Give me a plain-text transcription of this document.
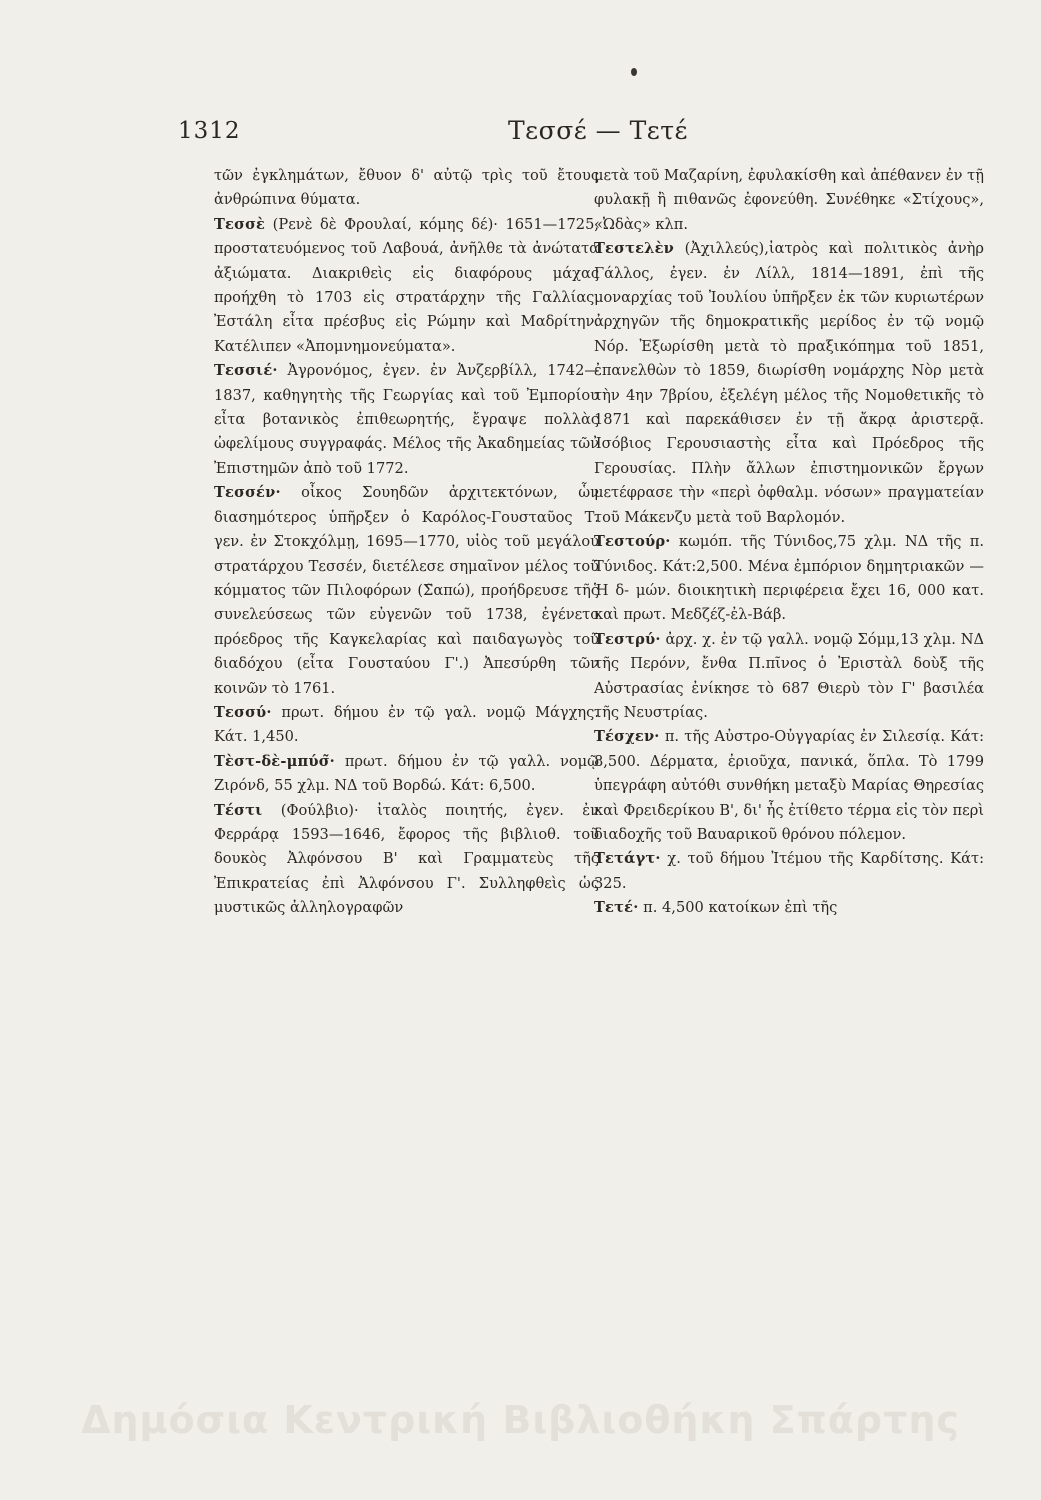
1312	Τεσσέ — Τετέ

τῶν ἐγκλημάτων, ἔθυον δ' αὐτῷ τρὶς τοῦ ἔτους ἀνθρώπινα θύματα.

Τεσσὲ (Ρενὲ δὲ Φρουλαί, κόμης δέ)· 1651—1725, προστατευόμενος τοῦ Λαβουά, ἀνῆλθε τὰ ἀνώτατα ἀξιώματα. Διακριθεὶς εἰς διαφόρους μάχας προήχθη τὸ 1703 εἰς στρατάρχην τῆς Γαλλίας. Ἐστάλη εἶτα πρέσβυς εἰς Ρώμην καὶ Μαδρίτην. Κατέλιπεν «Ἀπομνημονεύματα».

Τεσσιέ· Ἀγρονόμος, ἐγεν. ἐν Ἀνζερβίλλ, 1742—1837, καθηγητὴς τῆς Γεωργίας καὶ τοῦ Ἐμπορίου εἶτα βοτανικὸς ἐπιθεωρητής, ἔγραψε πολλὰς ὠφελίμους συγγραφάς. Μέλος τῆς Ἀκαδημείας τῶν Ἐπιστημῶν ἀπὸ τοῦ 1772.

Τεσσέν· οἶκος Σουηδῶν ἀρχιτεκτόνων, ὧν διασημότερος ὑπῆρξεν ὁ Καρόλος-Γουσταῦος Τ. γεν. ἐν Στοκχόλμῃ, 1695—1770, υἱὸς τοῦ μεγάλου στρατάρχου Τεσσέν, διετέλεσε σημαῖνον μέλος τοῦ κόμματος τῶν Πιλοφόρων (Σ̃απώ), προήδρευσε τῆς συνελεύσεως τῶν εὐγενῶν τοῦ 1738, ἐγένετο πρόεδρος τῆς Καγκελαρίας καὶ παιδαγωγὸς τοῦ διαδόχου (εἶτα Γουσταύου Γ'.) Ἀπεσύρθη τῶν κοινῶν τὸ 1761.

Τεσσύ· πρωτ. δήμου ἐν τῷ γαλ. νομῷ Μάγχης. Κάτ. 1,450.

Τὲστ-δὲ-μπύσ̃· πρωτ. δήμου ἐν τῷ γαλλ. νομῷ Ζιρόνδ, 55 χλμ. ΝΔ τοῦ Βορδώ. Κάτ: 6,500.

Τέστι (Φούλβιο)· ἰταλὸς ποιητής, ἐγεν. ἐν Φερράρᾳ 1593—1646, ἔφορος τῆς βιβλιοθ. τοῦ δουκὸς Ἀλφόνσου Β' καὶ Γραμματεὺς τῆς Ἐπικρατείας ἐπὶ Ἀλφόνσου Γ'. Συλληφθεὶς ὡς μυστικῶς ἀλληλογραφῶν

μετὰ τοῦ Μαζαρίνη, ἐφυλακίσθη καὶ ἀπέθανεν ἐν τῇ φυλακῇ ἢ πιθανῶς ἐφονεύθη. Συνέθηκε «Στίχους», «Ὠδὰς» κλπ.

Τεστελὲν (Ἀχιλλεύς),ἰατρὸς καὶ πολιτικὸς ἀνὴρ Γάλλος, ἐγεν. ἐν Λίλλ, 1814—1891, ἐπὶ τῆς μοναρχίας τοῦ Ἰουλίου ὑπῆρξεν ἐκ τῶν κυριωτέρων ἀρχηγῶν τῆς δημοκρατικῆς μερίδος ἐν τῷ νομῷ Νόρ. Ἐξωρίσθη μετὰ τὸ πραξικόπημα τοῦ 1851, ἐπανελθὼν τὸ 1859, διωρίσθη νομάρχης Νὸρ μετὰ τὴν 4ην 7βρίου, ἐξελέγη μέλος τῆς Νομοθετικῆς τὸ 1871 καὶ παρεκάθισεν ἐν τῇ ἄκρᾳ ἀριστερᾷ. Ἰσόβιος Γερουσιαστὴς εἶτα καὶ Πρόεδρος τῆς Γερουσίας. Πλὴν ἄλλων ἐπιστημονικῶν ἔργων μετέφρασε τὴν «περὶ ὀφθαλμ. νόσων» πραγματείαν τοῦ Μάκενζυ μετὰ τοῦ Βαρλομόν.

Τεστούρ· κωμόπ. τῆς Τύνιδος,75 χλμ. ΝΔ τῆς π. Τύνιδος. Κάτ:2,500. Μένα ἐμπόριον δημητριακῶν —Ἡ δ- μών. διοικητικὴ περιφέρεια ἔχει 16, 000 κατ. καὶ πρωτ. Μεδζέζ-ἐλ-Βάβ.

Τεστρύ· ἀρχ. χ. ἐν τῷ γαλλ. νομῷ Σόμμ,13 χλμ. ΝΔ τῆς Περόνν, ἔνθα Π.πῖνος ὁ Ἐριστὰλ δοὺξ τῆς Αὐστρασίας ἐνίκησε τὸ 687 Θιερὺ τὸν Γ' βασιλέα τῆς Νευστρίας.

Τέσχεν· π. τῆς Αὐστρο-Οὐγγαρίας ἐν Σιλεσίᾳ. Κάτ: 8,500. Δέρματα, ἐριοῦχα, πανικά, ὅπλα. Τὸ 1799 ὑπεγράφη αὐτόθι συνθήκη μεταξὺ Μαρίας Θηρεσίας καὶ Φρειδερίκου Β', δι' ἧς ἐτίθετο τέρμα εἰς τὸν περὶ διαδοχῆς τοῦ Βαυαρικοῦ θρόνου πόλεμον.

Τετάγτ· χ. τοῦ δήμου Ἰτέμου τῆς Καρδίτσης. Κάτ: 325.

Τετέ· π. 4,500 κατοίκων ἐπὶ τῆς

Δημόσια Κεντρική Βιβλιοθήκη Σπάρτης
